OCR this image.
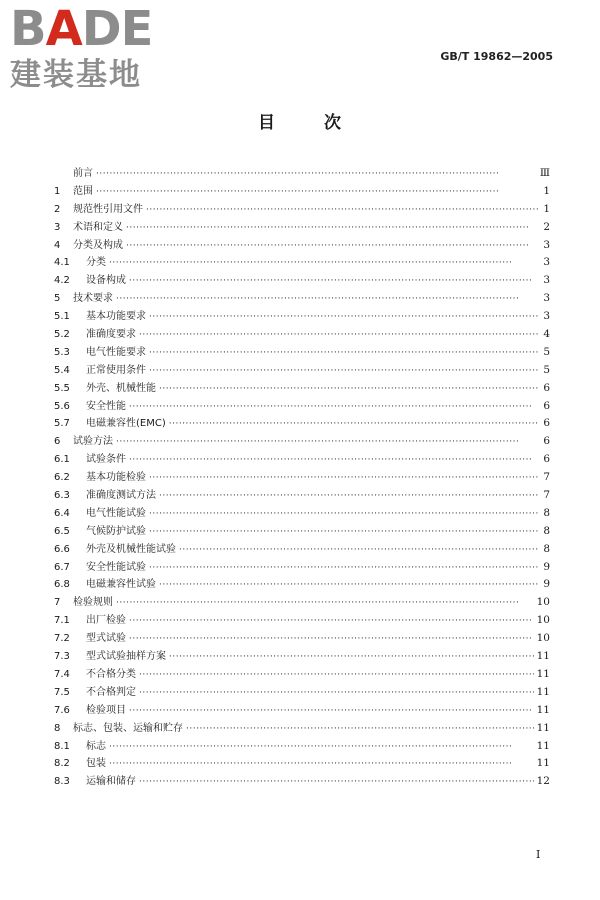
B A DE
建装基地
GB/T 19862—2005
目	次
前言 ·····	Ⅲ
1	范围 ·····	1
2	规范性引用文件 ·····	1
3	术语和定义 ·····	2
4	分类及构成 ·····	3
4.1	分类 ·····	3
4.2	设备构成 ·····	3
5	技术要求 ·····	3
5.1	基本功能要求 ·····	3
5.2	准确度要求 ·····	4
5.3	电气性能要求 ·····	5
5.4	正常使用条件 ·····	5
5.5	外壳、机械性能 ·····	6
5.6	安全性能 ·····	6
5.7	电磁兼容性(EMC) ·····	6
6	试验方法 ·····	6
6.1	试验条件 ·····	6
6.2	基本功能检验 ·····	7
6.3	准确度测试方法 ·····	7
6.4	电气性能试验 ·····	8
6.5	气候防护试验 ·····	8
6.6	外壳及机械性能试验 ·····	8
6.7	安全性能试验 ·····	9
6.8	电磁兼容性试验 ·····	9
7	检验规则 ·····	10
7.1	出厂检验 ·····	10
7.2	型式试验 ·····	10
7.3	型式试验抽样方案 ·····	11
7.4	不合格分类 ·····	11
7.5	不合格判定 ·····	11
7.6	检验项目 ·····	11
8	标志、包装、运输和贮存 ·····	11
8.1	标志 ·····	11
8.2	包装 ·····	11
8.3	运输和储存 ·····	12
I
